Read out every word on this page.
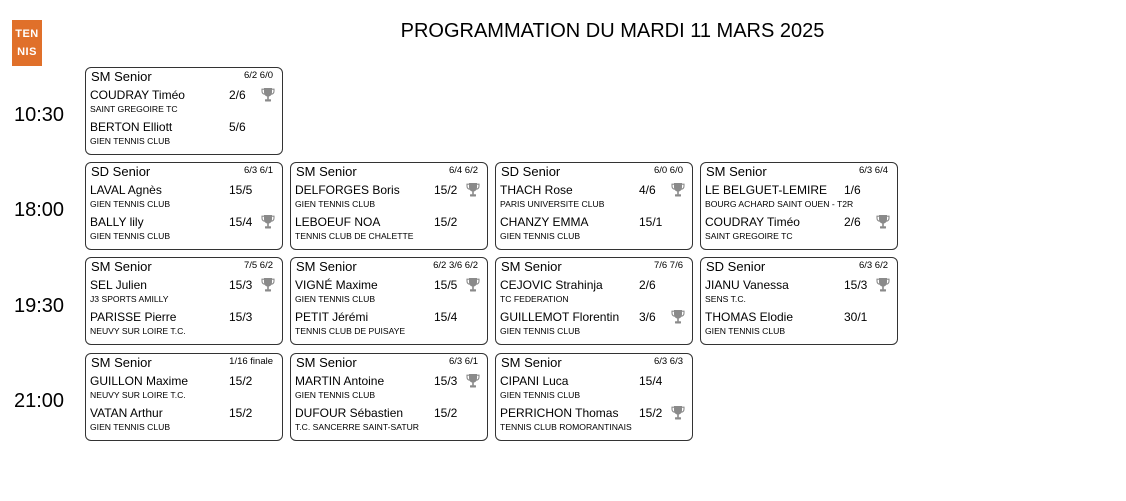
TEN
NIS
PROGRAMMATION DU MARDI 11 MARS 2025
10:30
SM Senior	6/2 6/0
COUDRAY Timéo
SAINT GREGOIRE TC
2/6
BERTON Elliott
GIEN TENNIS CLUB
5/6
18:00
SD Senior	6/3 6/1
LAVAL Agnès
GIEN TENNIS CLUB
15/5
BALLY lily
GIEN TENNIS CLUB
15/4
SM Senior	6/4 6/2
DELFORGES Boris
GIEN TENNIS CLUB
15/2
LEBOEUF NOA
TENNIS CLUB DE CHALETTE
15/2
SD Senior	6/0 6/0
THACH Rose
PARIS UNIVERSITE CLUB
4/6
CHANZY EMMA
GIEN TENNIS CLUB
15/1
SM Senior	6/3 6/4
LE BELGUET-LEMIRE
BOURG ACHARD SAINT OUEN - T2R
1/6
COUDRAY Timéo
SAINT GREGOIRE TC
2/6
19:30
SM Senior	7/5 6/2
SEL Julien
J3 SPORTS AMILLY
15/3
PARISSE Pierre
NEUVY SUR LOIRE T.C.
15/3
SM Senior	6/2 3/6 6/2
VIGNÉ Maxime
GIEN TENNIS CLUB
15/5
PETIT Jérémi
TENNIS CLUB DE PUISAYE
15/4
SM Senior	7/6 7/6
CEJOVIC Strahinja
TC FEDERATION
2/6
GUILLEMOT Florentin
GIEN TENNIS CLUB
3/6
SD Senior	6/3 6/2
JIANU Vanessa
SENS T.C.
15/3
THOMAS Elodie
GIEN TENNIS CLUB
30/1
21:00
SM Senior	1/16 finale
GUILLON Maxime
NEUVY SUR LOIRE T.C.
15/2
VATAN Arthur
GIEN TENNIS CLUB
15/2
SM Senior	6/3 6/1
MARTIN Antoine
GIEN TENNIS CLUB
15/3
DUFOUR Sébastien
T.C. SANCERRE SAINT-SATUR
15/2
SM Senior	6/3 6/3
CIPANI Luca
GIEN TENNIS CLUB
15/4
PERRICHON Thomas
TENNIS CLUB ROMORANTINAIS
15/2
